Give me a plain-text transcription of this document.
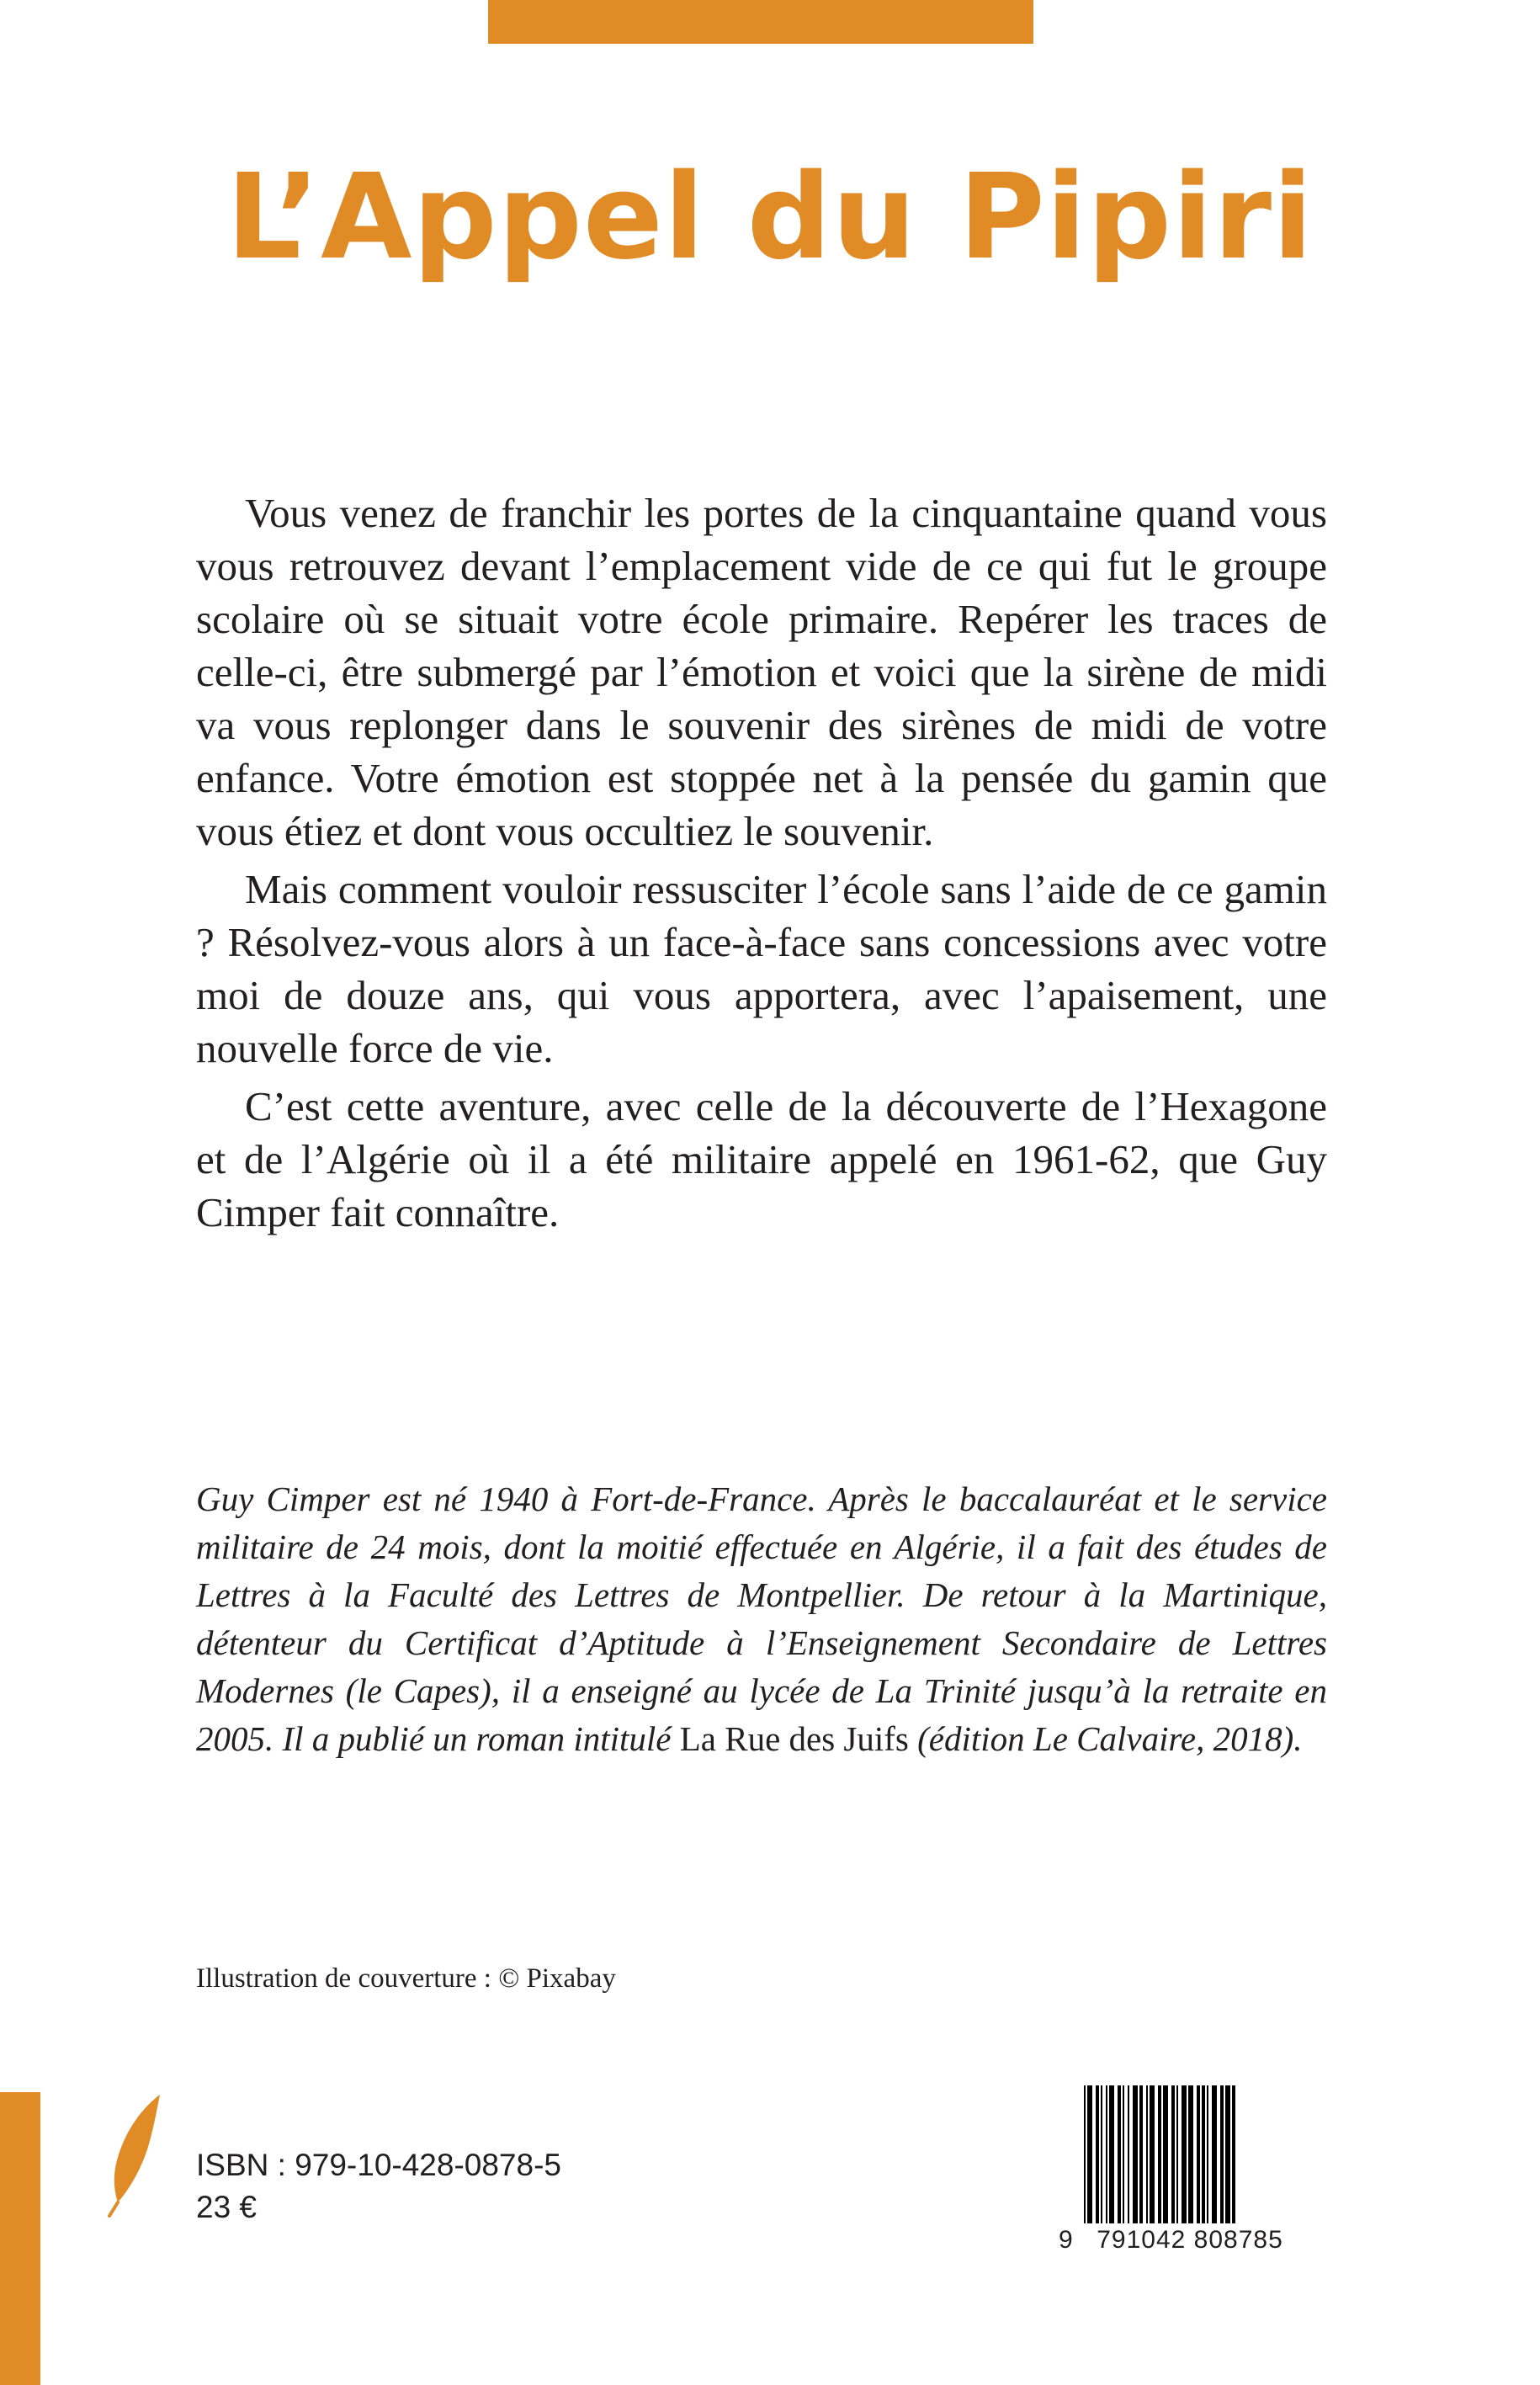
L’Appel du Pipiri

Vous venez de franchir les portes de la cinquantaine quand vous vous retrouvez devant l’emplacement vide de ce qui fut le groupe scolaire où se situait votre école primaire. Repérer les traces de celle-ci, être submergé par l’émotion et voici que la sirène de midi va vous replonger dans le souvenir des sirènes de midi de votre enfance. Votre émotion est stoppée net à la pensée du gamin que vous étiez et dont vous occultiez le souvenir.

Mais comment vouloir ressusciter l’école sans l’aide de ce gamin ? Résolvez-vous alors à un face-à-face sans concessions avec votre moi de douze ans, qui vous apportera, avec l’apaisement, une nouvelle force de vie.

C’est cette aventure, avec celle de la découverte de l’Hexagone et de l’Algérie où il a été militaire appelé en 1961-62, que Guy Cimper fait connaître.

Guy Cimper est né 1940 à Fort-de-France. Après le baccalauréat et le service militaire de 24 mois, dont la moitié effectuée en Algérie, il a fait des études de Lettres à la Faculté des Lettres de Montpellier. De retour à la Martinique, détenteur du Certificat d’Aptitude à l’Enseignement Secondaire de Lettres Modernes (le Capes), il a enseigné au lycée de La Trinité jusqu’à la retraite en 2005. Il a publié un roman intitulé La Rue des Juifs (édition Le Calvaire, 2018).

Illustration de couverture : © Pixabay

ISBN : 979-10-428-0878-5
23 €
9 791042 808785
